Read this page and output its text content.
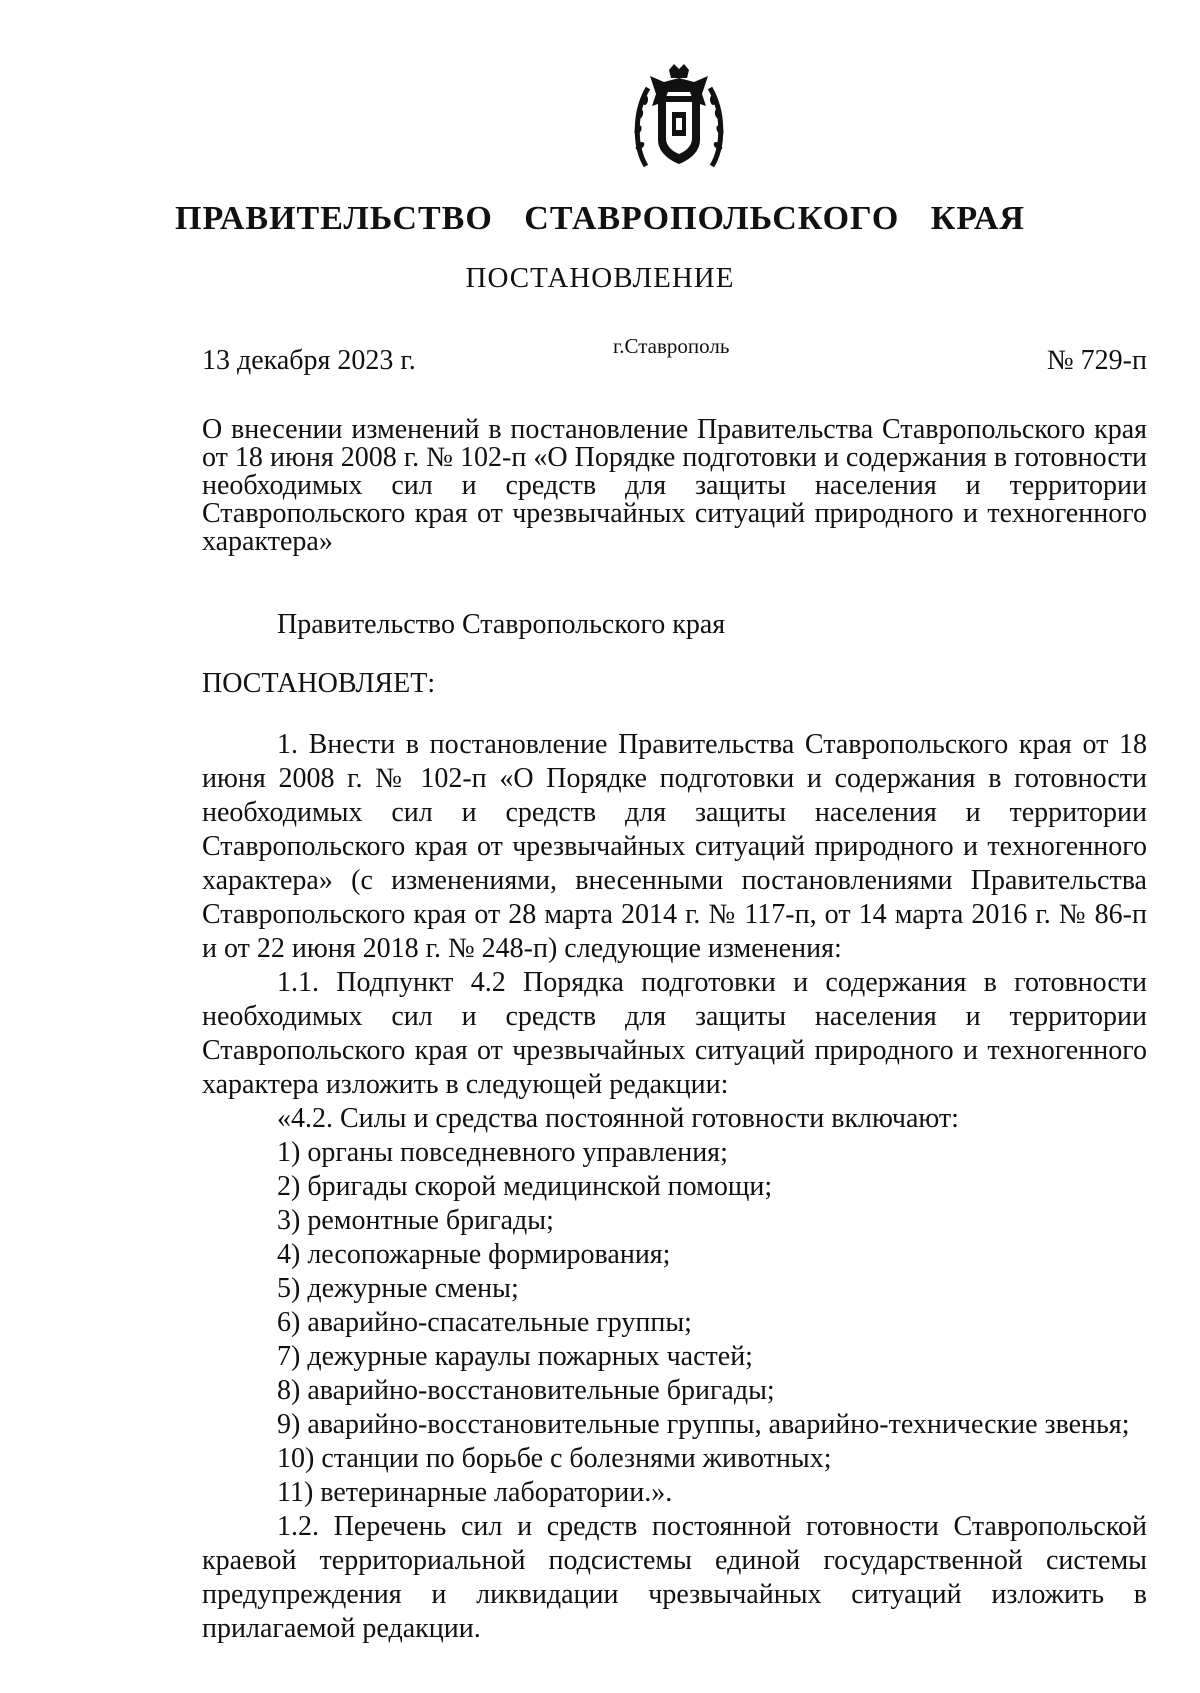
ПРАВИТЕЛЬСТВО СТАВРОПОЛЬСКОГО КРАЯ
ПОСТАНОВЛЕНИЕ
13 декабря 2023 г.	г.Ставрополь	№ 729-п
О внесении изменений в постановление Правительства Ставропольского края от 18 июня 2008 г. № 102-п «О Порядке подготовки и содержания в готовности необходимых сил и средств для защиты населения и территории Ставропольского края от чрезвычайных ситуаций природного и техногенного характера»

Правительство Ставропольского края

ПОСТАНОВЛЯЕТ:

1. Внести в постановление Правительства Ставропольского края от 18 июня 2008 г. № 102-п «О Порядке подготовки и содержания в готовности необходимых сил и средств для защиты населения и территории Ставропольского края от чрезвычайных ситуаций природного и техногенного характера» (с изменениями, внесенными постановлениями Правительства Ставропольского края от 28 марта 2014 г. № 117-п, от 14 марта 2016 г. № 86-п и от 22 июня 2018 г. № 248-п) следующие изменения:

1.1. Подпункт 4.2 Порядка подготовки и содержания в готовности необходимых сил и средств для защиты населения и территории Ставропольского края от чрезвычайных ситуаций природного и техногенного характера изложить в следующей редакции:

«4.2. Силы и средства постоянной готовности включают:

1) органы повседневного управления;

2) бригады скорой медицинской помощи;

3) ремонтные бригады;

4) лесопожарные формирования;

5) дежурные смены;

6) аварийно-спасательные группы;

7) дежурные караулы пожарных частей;

8) аварийно-восстановительные бригады;

9) аварийно-восстановительные группы, аварийно-технические звенья;

10) станции по борьбе с болезнями животных;

11) ветеринарные лаборатории.».

1.2. Перечень сил и средств постоянной готовности Ставропольской краевой территориальной подсистемы единой государственной системы предупреждения и ликвидации чрезвычайных ситуаций изложить в прилагаемой редакции.
